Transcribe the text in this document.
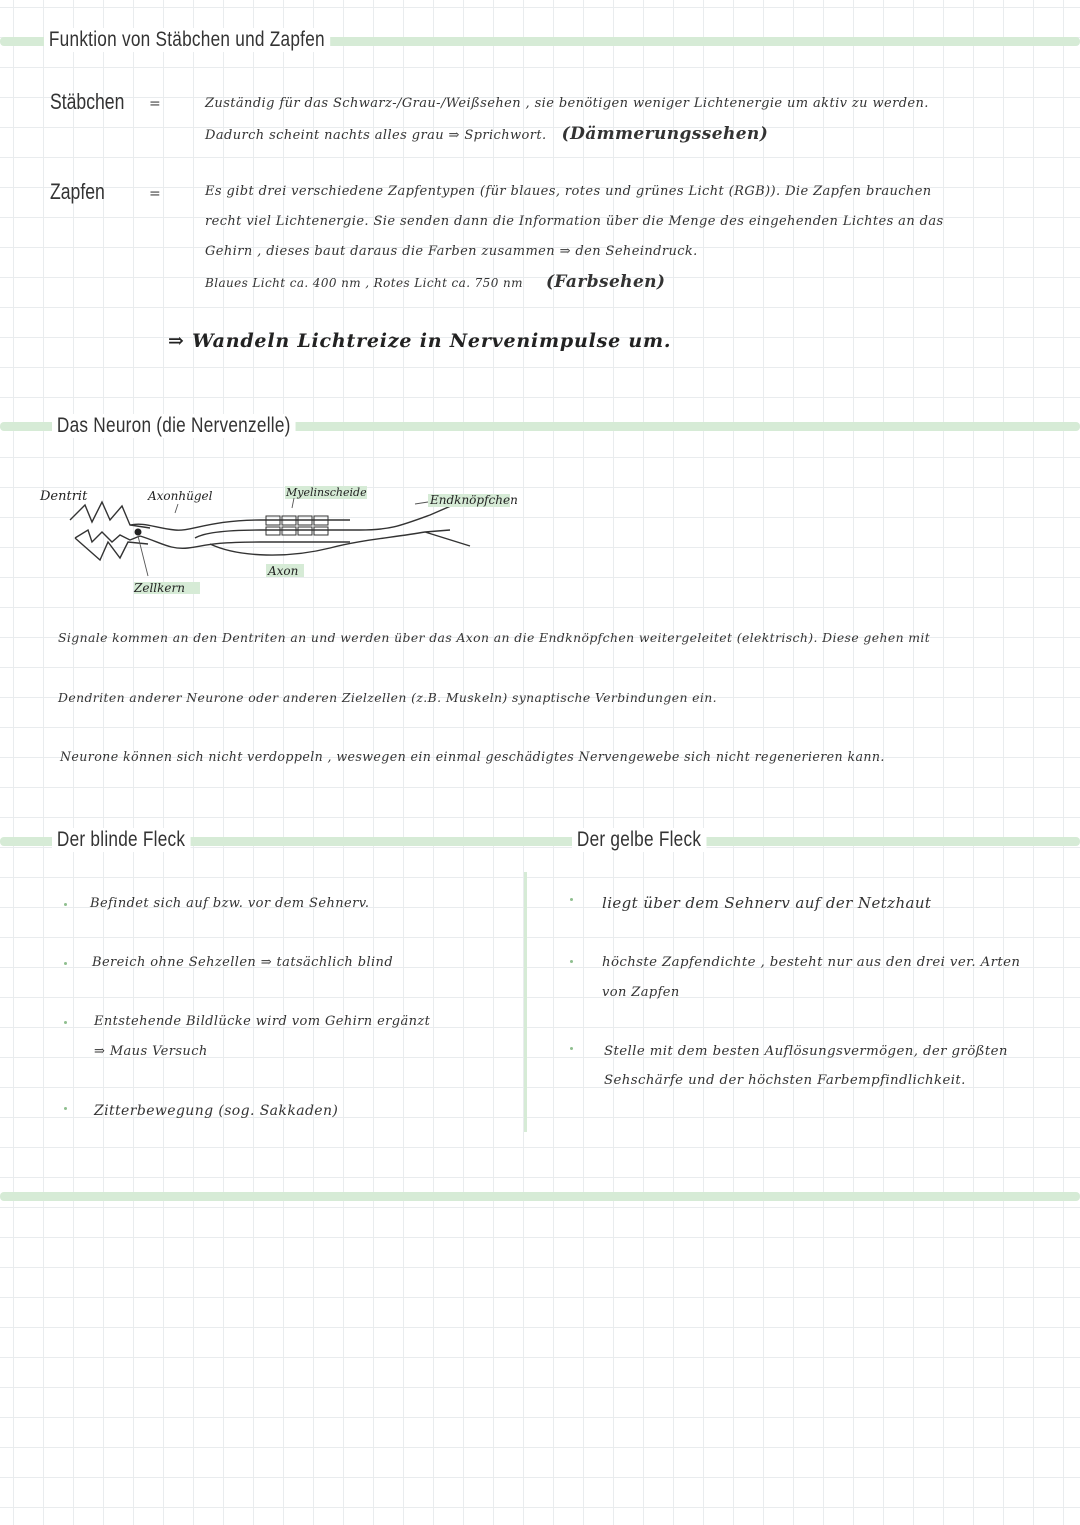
Funktion von Stäbchen und Zapfen
Stäbchen =	Zuständig für das Schwarz-/Grau-/Weißsehen , sie benötigen weniger Lichtenergie um aktiv zu werden.
Dadurch scheint nachts alles grau ⇒ Sprichwort. (Dämmerungssehen)
Zapfen	=	Es gibt drei verschiedene Zapfentypen (für blaues, rotes und grünes Licht (RGB)). Die Zapfen brauchen
recht viel Lichtenergie. Sie senden dann die Information über die Menge des eingehenden Lichtes an das
Gehirn , dieses baut daraus die Farben zusammen ⇒ den Seheindruck.
Blaues Licht ca. 400 nm , Rotes Licht ca. 750 nm (Farbsehen)
⇒ Wandeln Lichtreize in Nervenimpulse um.
Das Neuron (die Nervenzelle)
Dentrit	Axonhügel	Myelinscheide
Endknöpfchen
Zellkern
Axon
Signale kommen an den Dentriten an und werden über das Axon an die Endknöpfchen weitergeleitet (elektrisch). Diese gehen mit
Dendriten anderer Neurone oder anderen Zielzellen (z.B. Muskeln) synaptische Verbindungen ein.
Neurone können sich nicht verdoppeln , weswegen ein einmal geschädigtes Nervengewebe sich nicht regenerieren kann.
Der blinde Fleck	Der gelbe Fleck
Befindet sich auf bzw. vor dem Sehnerv.
Bereich ohne Sehzellen ⇒ tatsächlich blind
Entstehende Bildlücke wird vom Gehirn ergänzt
⇒ Maus Versuch
Zitterbewegung (sog. Sakkaden)
liegt über dem Sehnerv auf der Netzhaut
höchste Zapfendichte , besteht nur aus den drei ver. Arten
von Zapfen
Stelle mit dem besten Auflösungsvermögen, der größten
Sehschärfe und der höchsten Farbempfindlichkeit.
